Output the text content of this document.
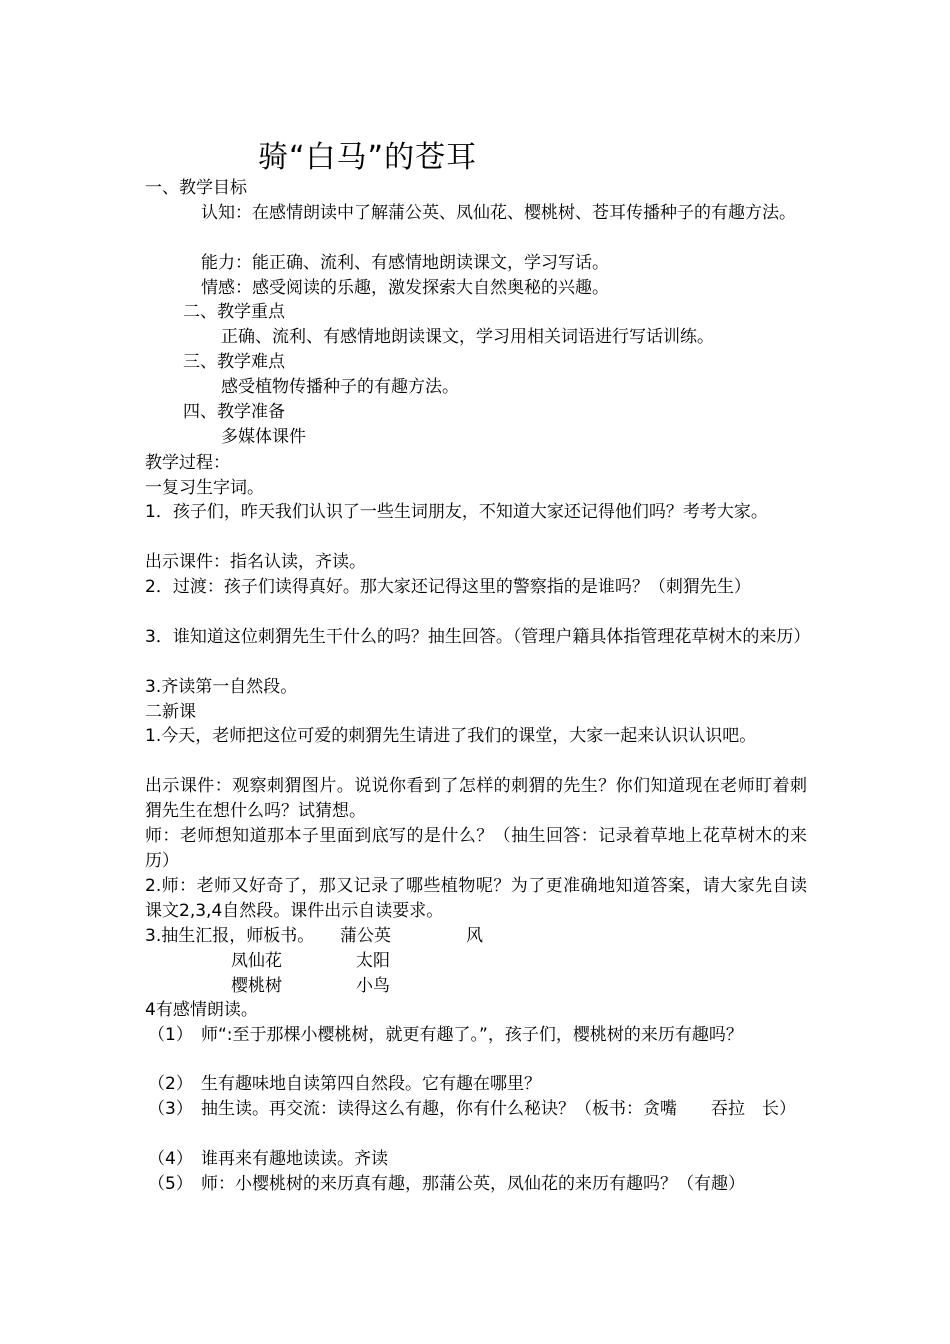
骑“白马”的苍耳
一、教学目标
认知：在感情朗读中了解蒲公英、凤仙花、樱桃树、苍耳传播种子的有趣方法。
能力：能正确、流利、有感情地朗读课文，学习写话。
情感：感受阅读的乐趣，激发探索大自然奥秘的兴趣。
二、教学重点
正确、流利、有感情地朗读课文，学习用相关词语进行写话训练。
三、教学难点
感受植物传播种子的有趣方法。
四、教学准备
多媒体课件
教学过程：
一复习生字词。
1．孩子们，昨天我们认识了一些生词朋友，不知道大家还记得他们吗？考考大家。
出示课件：指名认读，齐读。
2．过渡：孩子们读得真好。那大家还记得这里的警察指的是谁吗？（刺猬先生）
3．谁知道这位刺猬先生干什么的吗？抽生回答。（管理户籍具体指管理花草树木的来历）
3.齐读第一自然段。
二新课
1.今天，老师把这位可爱的刺猬先生请进了我们的课堂，大家一起来认识认识吧。
出示课件：观察刺猬图片。说说你看到了怎样的刺猬的先生？你们知道现在老师盯着刺猬先生在想什么吗？试猜想。
师：老师想知道那本子里面到底写的是什么？（抽生回答：记录着草地上花草树木的来历）
2.师：老师又好奇了，那又记录了哪些植物呢？为了更准确地知道答案，请大家先自读课文2,3,4自然段。课件出示自读要求。
3.抽生汇报，师板书。 蒲公英	风
凤仙花	太阳
樱桃树	小鸟
4有感情朗读。
（1） 师“:至于那棵小樱桃树，就更有趣了。”，孩子们，樱桃树的来历有趣吗？
（2） 生有趣味地自读第四自然段。它有趣在哪里？
（3） 抽生读。再交流：读得这么有趣，你有什么秘诀？（板书：贪嘴　　吞拉　长）
（4） 谁再来有趣地读读。齐读
（5） 师：小樱桃树的来历真有趣，那蒲公英，凤仙花的来历有趣吗？（有趣）
